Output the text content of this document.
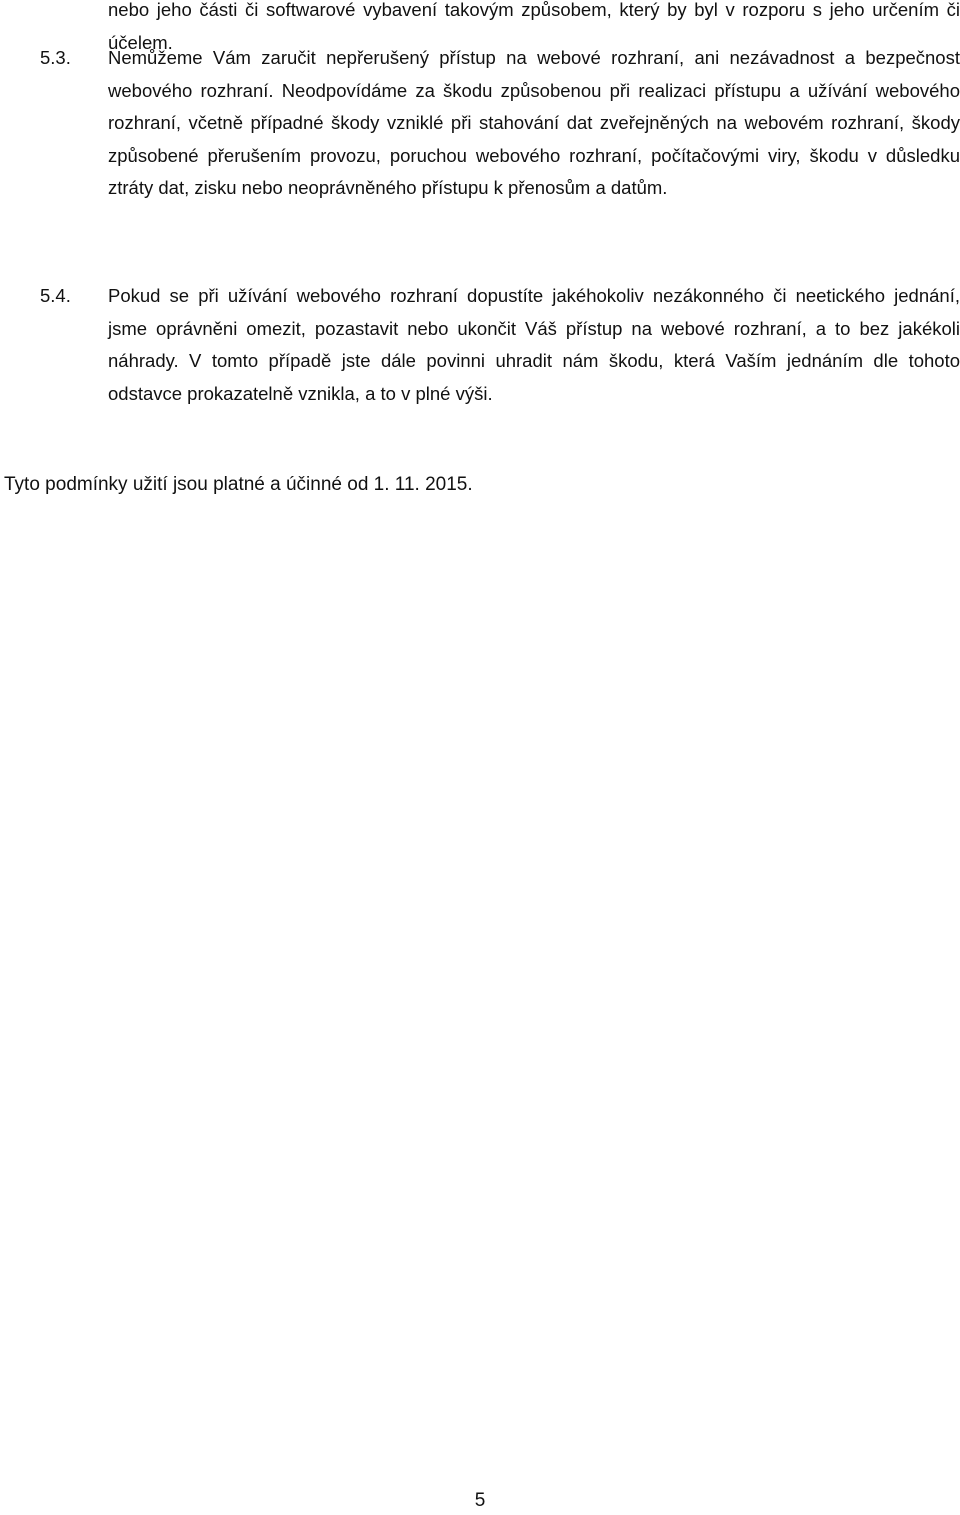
nebo jeho části či softwarové vybavení takovým způsobem, který by byl v rozporu s jeho určením či účelem.
5.3. Nemůžeme Vám zaručit nepřerušený přístup na webové rozhraní, ani nezávadnost a bezpečnost webového rozhraní. Neodpovídáme za škodu způsobenou při realizaci přístupu a užívání webového rozhraní, včetně případné škody vzniklé při stahování dat zveřejněných na webovém rozhraní, škody způsobené přerušením provozu, poruchou webového rozhraní, počítačovými viry, škodu v důsledku ztráty dat, zisku nebo neoprávněného přístupu k přenosům a datům.
5.4. Pokud se při užívání webového rozhraní dopustíte jakéhokoliv nezákonného či neetického jednání, jsme oprávněni omezit, pozastavit nebo ukončit Váš přístup na webové rozhraní, a to bez jakékoli náhrady. V tomto případě jste dále povinni uhradit nám škodu, která Vaším jednáním dle tohoto odstavce prokazatelně vznikla, a to v plné výši.
Tyto podmínky užití jsou platné a účinné od 1. 11. 2015.
5
